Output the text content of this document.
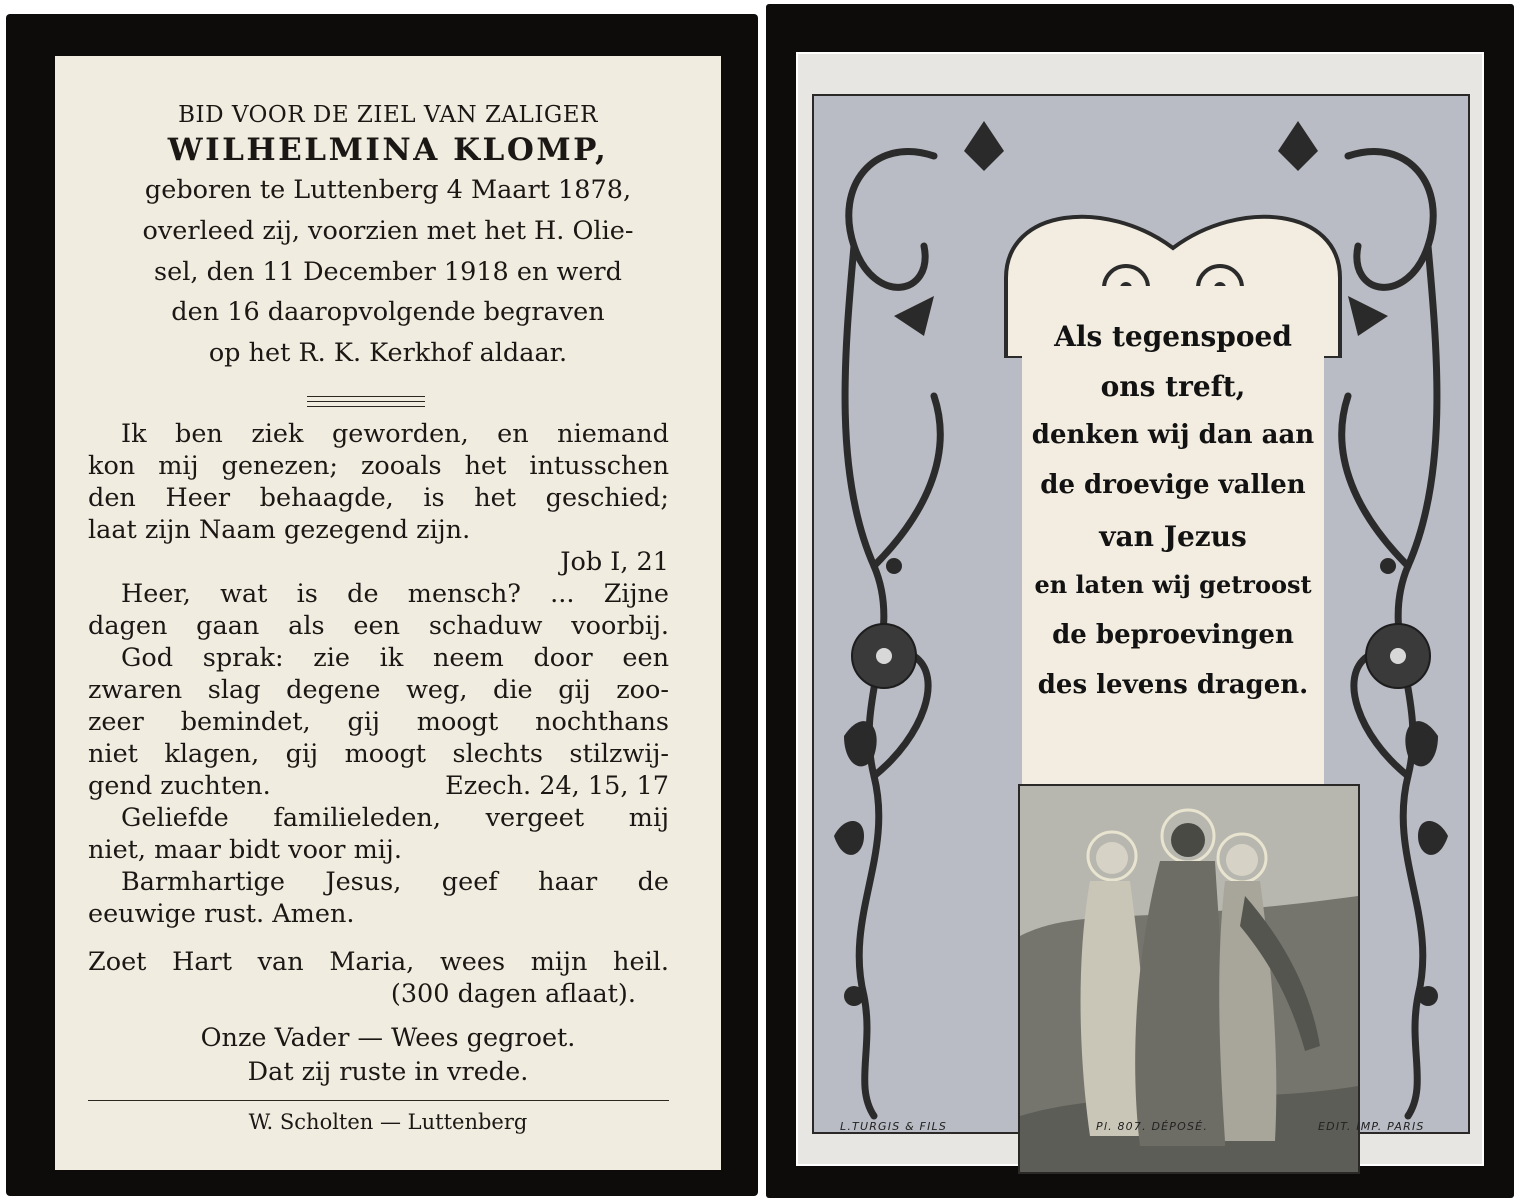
BID VOOR DE ZIEL VAN ZALIGER
WILHELMINA KLOMP,
geboren te Luttenberg 4 Maart 1878,
overleed zij, voorzien met het H. Olie-
sel, den 11 December 1918 en werd
den 16 daaropvolgende begraven
op het R. K. Kerkhof aldaar.
Ik ben ziek geworden, en niemand
kon mij genezen; zooals het intusschen
den Heer behaagde, is het geschied;
laat zijn Naam gezegend zijn.
Job I, 21
Heer, wat is de mensch? ... Zijne
dagen gaan als een schaduw voorbij.
God sprak: zie ik neem door een
zwaren slag degene weg, die gij zoo-
zeer bemindet, gij moogt nochthans
niet klagen, gij moogt slechts stilzwij-
gend zuchten.	Ezech. 24, 15, 17
Geliefde familieleden, vergeet mij
niet, maar bidt voor mij.
Barmhartige Jesus, geef haar de
eeuwige rust. Amen.
Zoet Hart van Maria, wees mijn heil.
(300 dagen aflaat).
Onze Vader — Wees gegroet.
Dat zij ruste in vrede.
W. Scholten — Luttenberg
Als tegenspoed
ons treft,
denken wij dan aan
de droevige vallen
van Jezus
en laten wij getroost
de beproevingen
des levens dragen.
L.TURGIS & FILS	Pl. 807. DÉPOSÉ.	EDIT. IMP. PARIS
